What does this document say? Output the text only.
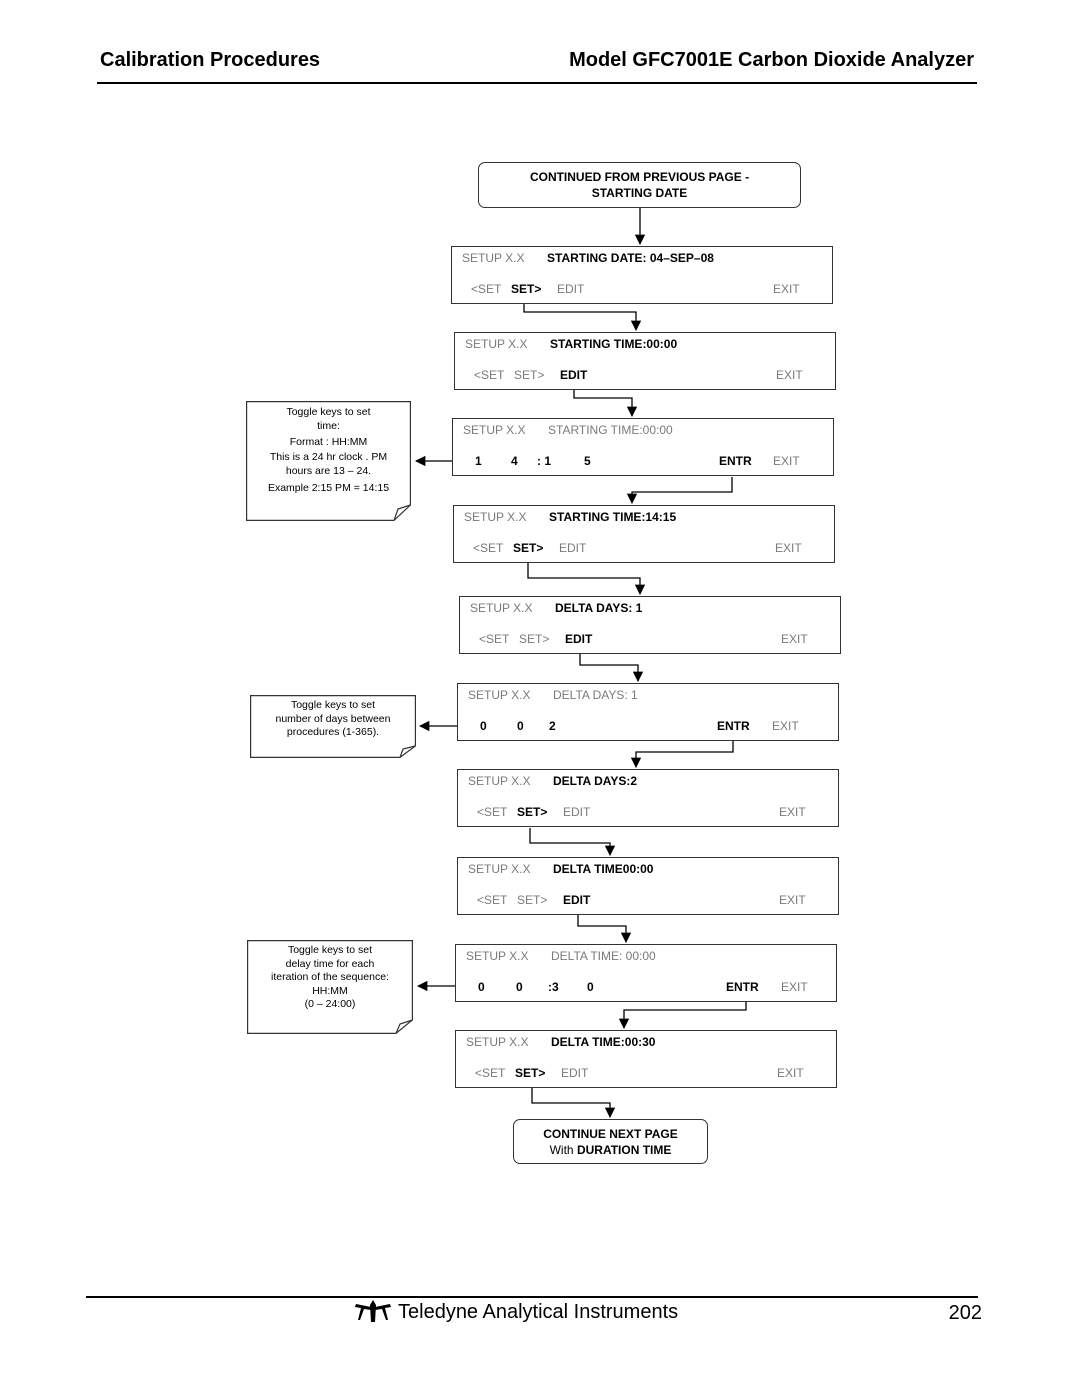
Calibration Procedures	Model GFC7001E Carbon Dioxide Analyzer
CONTINUED FROM PREVIOUS PAGE -
STARTING DATE
SETUP X.X STARTING DATE: 04–SEP–08
<SET SET> EDIT	EXIT
SETUP X.X STARTING TIME:00:00
<SET SET> EDIT	EXIT
SETUP X.X STARTING TIME:00:00
1 4 : 1	5	ENTR EXIT
SETUP X.X STARTING TIME:14:15
<SET SET> EDIT	EXIT
SETUP X.X DELTA DAYS: 1
<SET SET> EDIT	EXIT
SETUP X.X DELTA DAYS: 1
0	0 2	ENTR EXIT
SETUP X.X DELTA DAYS:2
<SET SET> EDIT	EXIT
SETUP X.X DELTA TIME00:00
<SET SET> EDIT	EXIT
SETUP X.X DELTA TIME: 00:00
0	0 :3 0	ENTR EXIT
SETUP X.X DELTA TIME:00:30
<SET SET> EDIT	EXIT
CONTINUE NEXT PAGE
With DURATION TIME
Toggle keys to set
time:
Format : HH:MM
This is a 24 hr clock . PM
hours are 13 – 24.
Example 2:15 PM = 14:15
Toggle keys to set
number of days between
procedures (1-365).
Toggle keys to set
delay time for each
iteration of the sequence:
HH:MM
(0 – 24:00)
Teledyne Analytical Instruments	202
